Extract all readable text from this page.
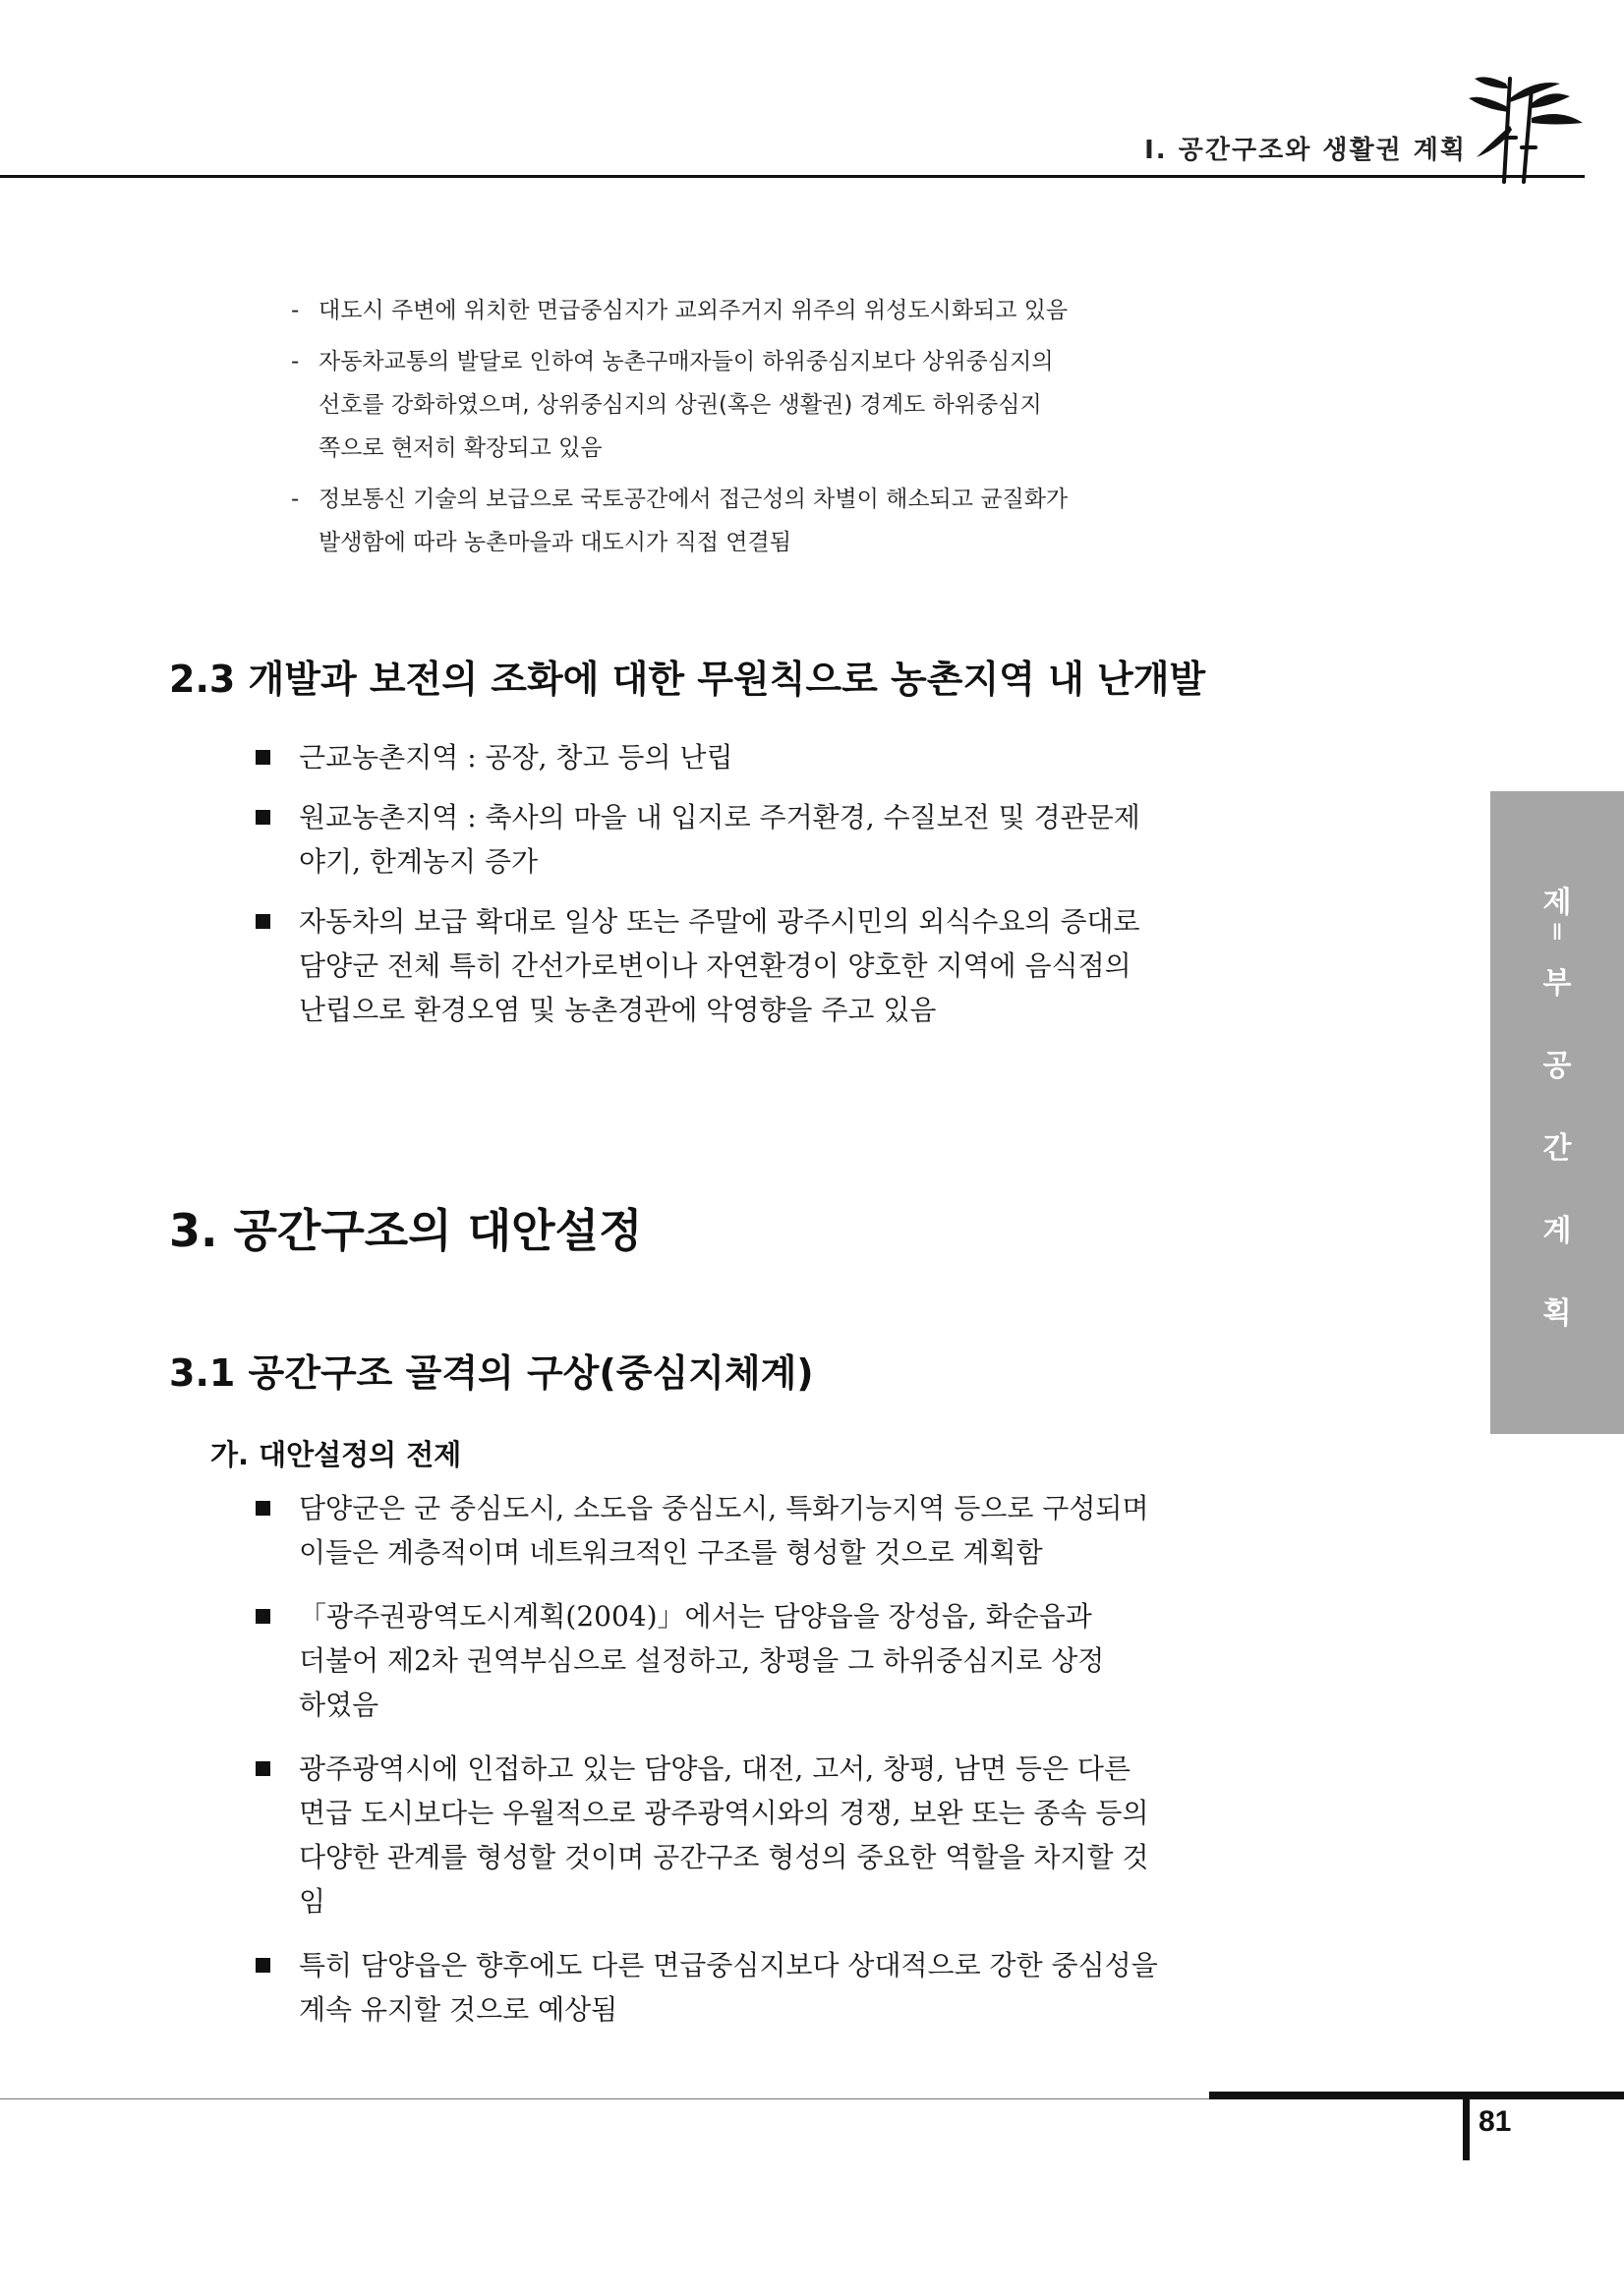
Ⅰ. 공간구조와 생활권 계획
제
Ⅱ
부
공
간
계
획
- 대도시 주변에 위치한 면급중심지가 교외주거지 위주의 위성도시화되고 있음
- 자동차교통의 발달로 인하여 농촌구매자들이 하위중심지보다 상위중심지의
선호를 강화하였으며, 상위중심지의 상권(혹은 생활권) 경계도 하위중심지
쪽으로 현저히 확장되고 있음
- 정보통신 기술의 보급으로 국토공간에서 접근성의 차별이 해소되고 균질화가
발생함에 따라 농촌마을과 대도시가 직접 연결됨
2.3 개발과 보전의 조화에 대한 무원칙으로 농촌지역 내 난개발
근교농촌지역 : 공장, 창고 등의 난립
원교농촌지역 : 축사의 마을 내 입지로 주거환경, 수질보전 및 경관문제
야기, 한계농지 증가
자동차의 보급 확대로 일상 또는 주말에 광주시민의 외식수요의 증대로
담양군 전체 특히 간선가로변이나 자연환경이 양호한 지역에 음식점의
난립으로 환경오염 및 농촌경관에 악영향을 주고 있음
3. 공간구조의 대안설정
3.1 공간구조 골격의 구상(중심지체계)
가. 대안설정의 전제
담양군은 군 중심도시, 소도읍 중심도시, 특화기능지역 등으로 구성되며
이들은 계층적이며 네트워크적인 구조를 형성할 것으로 계획함
「광주권광역도시계획(2004)」에서는 담양읍을 장성읍, 화순읍과
더불어 제2차 권역부심으로 설정하고, 창평을 그 하위중심지로 상정
하였음
광주광역시에 인접하고 있는 담양읍, 대전, 고서, 창평, 남면 등은 다른
면급 도시보다는 우월적으로 광주광역시와의 경쟁, 보완 또는 종속 등의
다양한 관계를 형성할 것이며 공간구조 형성의 중요한 역할을 차지할 것임
특히 담양읍은 향후에도 다른 면급중심지보다 상대적으로 강한 중심성을
계속 유지할 것으로 예상됨
81
